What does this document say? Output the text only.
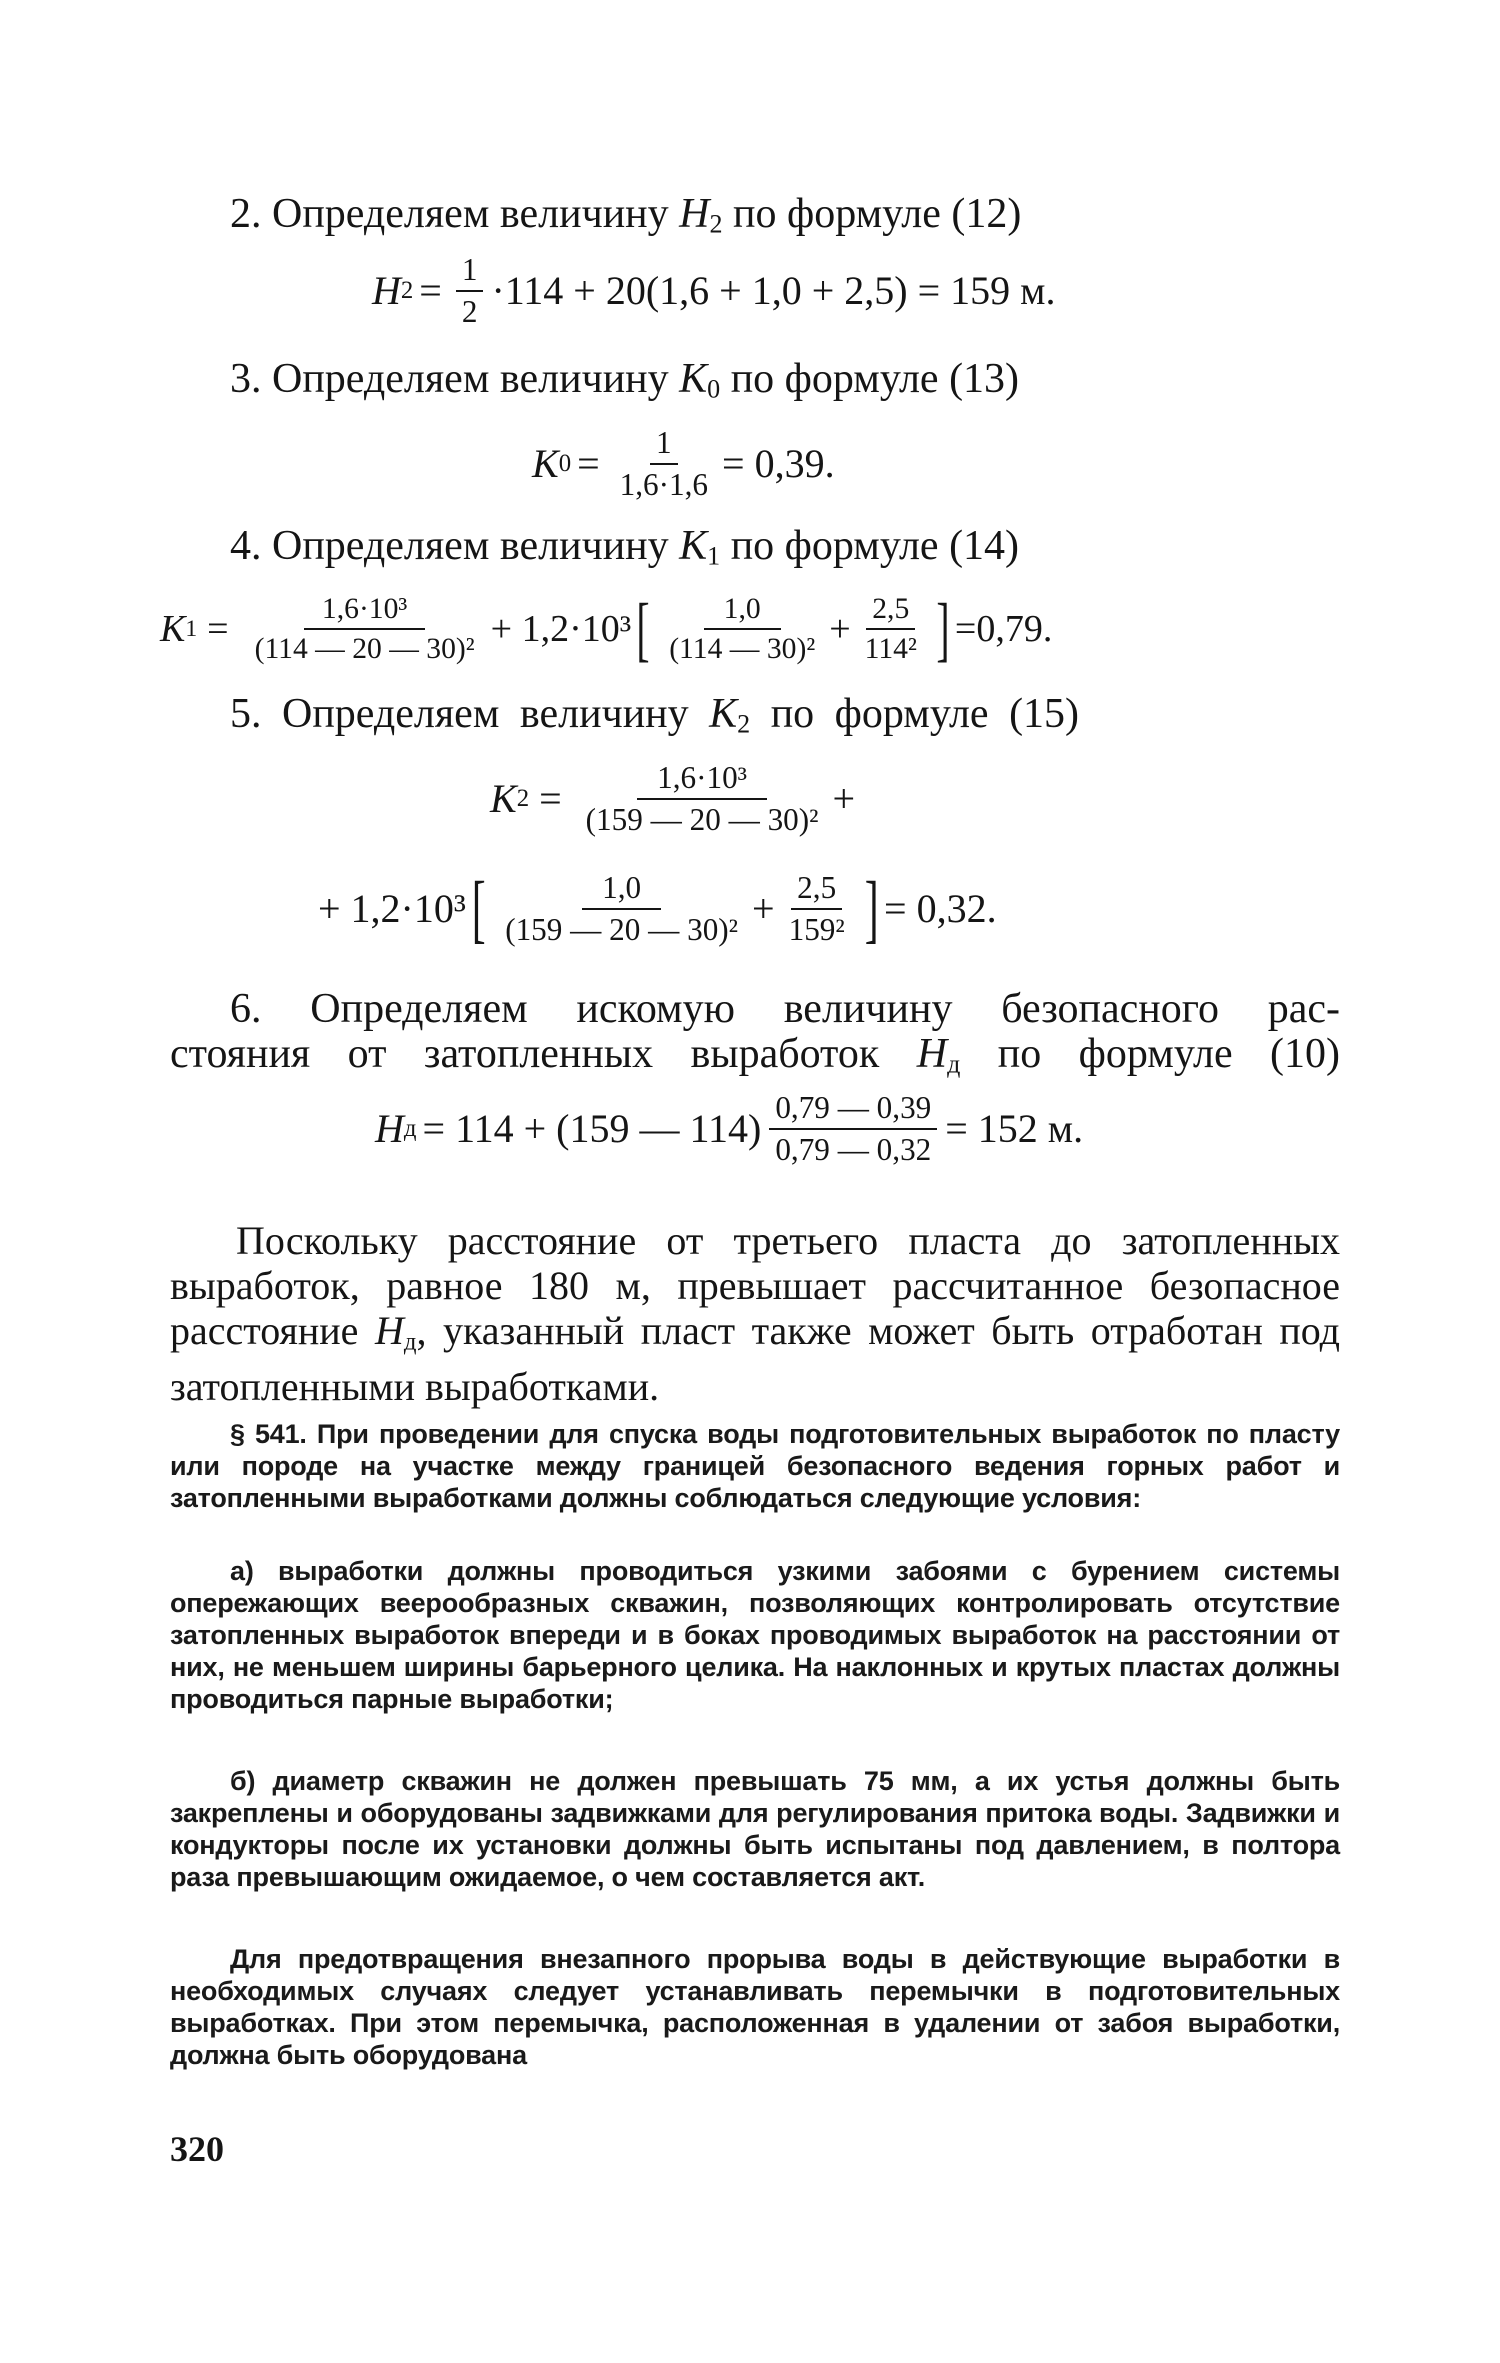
2. Определяем величину $H_2$ по формуле (12)
H $2 = \frac{1}{2} \cdot 114 + 20(1,6 + 1,0 + 2,5) = 159$ м.
3. Определяем величину $K_0$ по формуле (13)
K $0 = \frac{1}{1,6\cdot 1,6} = 0,39$.
4. Определяем величину $K_1$ по формуле (14)
K $1 = \frac{\text{1,6·10³}}{\text{(114 — 20 — 30)²}} + 1,2\cdot 10^3$ [ $\frac{1,0}{\text{(114 — 30)²}} + \frac{2,5}{\text{114²}}$ ] =0,79.
5. Определяем величину $K_2$ по формуле (15)
K $2 = \frac{\text{1,6·10³}}{\text{(159 — 20 — 30)²}}$ +
+ 1,2·10³ [ $\frac{1,0}{\text{(159 — 20 — 30)²}} + \frac{2,5}{\text{159²}}$ ] = 0,32.
6. Определяем искомую величину безопасного рас-
стояния от затопленных выработок $H_д$ по формуле (10)
H д = 114 + (159 — $114) \frac{0,79 — 0,39}{0,79 — 0,32} = 152$ м.
Поскольку расстояние от третьего пласта до затопленных выработок, равное 180 м, превышает рассчитанное безопасное расстояние $H_д$, указанный пласт также может быть отработан под затопленными выработками.
§ 541. При проведении для спуска воды подготовительных выработок по пласту или породе на участке между границей безопасного ведения горных работ и затопленными выработками должны соблюдаться следующие условия:
а) выработки должны проводиться узкими забоями с бурением системы опережающих веерообразных скважин, позволяющих контролировать отсутствие затопленных выработок впереди и в боках проводимых выработок на расстоянии от них, не меньшем ширины барьерного целика. На наклонных и крутых пластах должны проводиться парные выработки;
б) диаметр скважин не должен превышать 75 мм, а их устья должны быть закреплены и оборудованы задвижками для регулирования притока воды. Задвижки и кондукторы после их установки должны быть испытаны под давлением, в полтора раза превышающим ожидаемое, о чем составляется акт.
Для предотвращения внезапного прорыва воды в действующие выработки в необходимых случаях следует устанавливать перемычки в подготовительных выработках. При этом перемычка, расположенная в удалении от забоя выработки, должна быть оборудована
320
